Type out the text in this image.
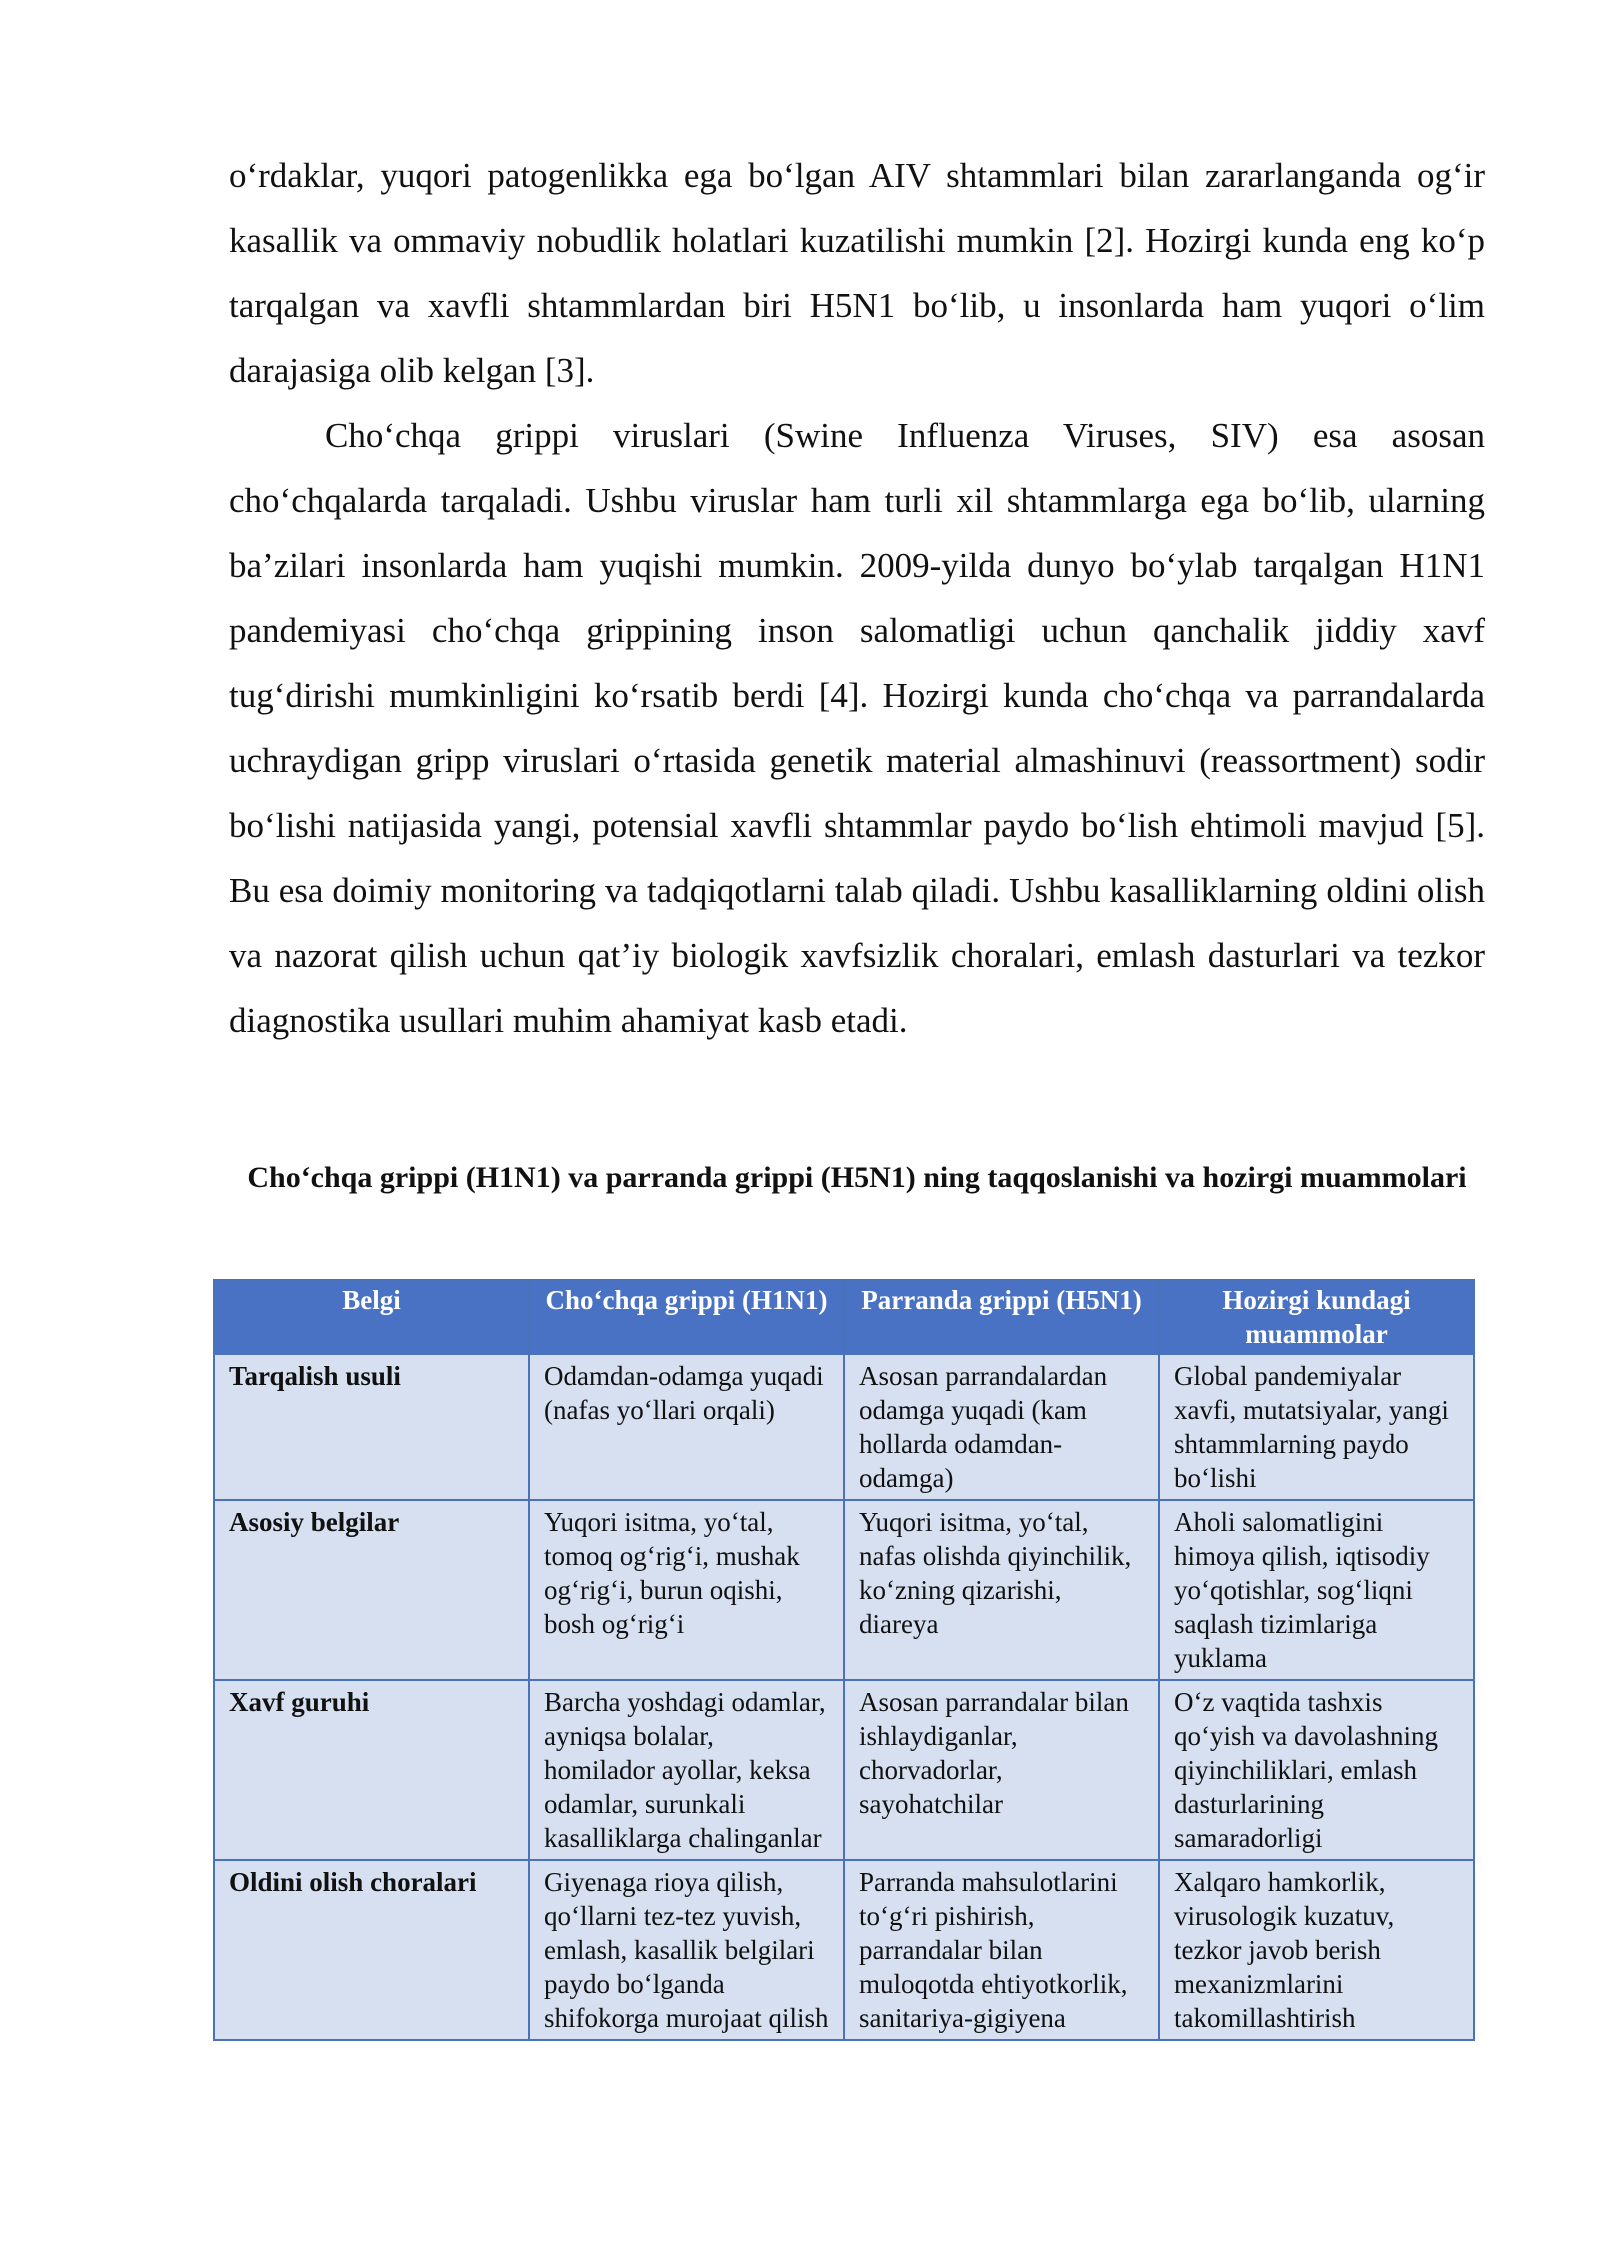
o‘rdaklar, yuqori patogenlikka ega bo‘lgan AIV shtammlari bilan zararlanganda og‘ir kasallik va ommaviy nobudlik holatlari kuzatilishi mumkin [2]. Hozirgi kunda eng ko‘p tarqalgan va xavfli shtammlardan biri H5N1 bo‘lib, u insonlarda ham yuqori o‘lim darajasiga olib kelgan [3].

Cho‘chqa grippi viruslari (Swine Influenza Viruses, SIV) esa asosan cho‘chqalarda tarqaladi. Ushbu viruslar ham turli xil shtammlarga ega bo‘lib, ularning ba’zilari insonlarda ham yuqishi mumkin. 2009-yilda dunyo bo‘ylab tarqalgan H1N1 pandemiyasi cho‘chqa grippining inson salomatligi uchun qanchalik jiddiy xavf tug‘dirishi mumkinligini ko‘rsatib berdi [4]. Hozirgi kunda cho‘chqa va parrandalarda uchraydigan gripp viruslari o‘rtasida genetik material almashinuvi (reassortment) sodir bo‘lishi natijasida yangi, potensial xavfli shtammlar paydo bo‘lish ehtimoli mavjud [5]. Bu esa doimiy monitoring va tadqiqotlarni talab qiladi. Ushbu kasalliklarning oldini olish va nazorat qilish uchun qat’iy biologik xavfsizlik choralari, emlash dasturlari va tezkor diagnostika usullari muhim ahamiyat kasb etadi.

Cho‘chqa grippi (H1N1) va parranda grippi (H5N1) ning taqqoslanishi va hozirgi muammolari

Belgi	Cho‘chqa grippi (H1N1)	Parranda grippi (H5N1)	Hozirgi kundagi muammolar
Tarqalish usuli	Odamdan-odamga yuqadi (nafas yo‘llari orqali)	Asosan parrandalardan odamga yuqadi (kam hollarda odamdan-odamga)	Global pandemiyalar xavfi, mutatsiyalar, yangi shtammlarning paydo bo‘lishi
Asosiy belgilar	Yuqori isitma, yo‘tal, tomoq og‘rig‘i, mushak og‘rig‘i, burun oqishi, bosh og‘rig‘i	Yuqori isitma, yo‘tal, nafas olishda qiyinchilik, ko‘zning qizarishi, diareya	Aholi salomatligini himoya qilish, iqtisodiy yo‘qotishlar, sog‘liqni saqlash tizimlariga yuklama
Xavf guruhi	Barcha yoshdagi odamlar, ayniqsa bolalar, homilador ayollar, keksa odamlar, surunkali kasalliklarga chalinganlar	Asosan parrandalar bilan ishlaydiganlar, chorvadorlar, sayohatchilar	O‘z vaqtida tashxis qo‘yish va davolashning qiyinchiliklari, emlash dasturlarining samaradorligi
Oldini olish choralari	Giyenaga rioya qilish, qo‘llarni tez-tez yuvish, emlash, kasallik belgilari paydo bo‘lganda shifokorga murojaat qilish	Parranda mahsulotlarini to‘g‘ri pishirish, parrandalar bilan muloqotda ehtiyotkorlik, sanitariya-gigiyena	Xalqaro hamkorlik, virusologik kuzatuv, tezkor javob berish mexanizmlarini takomillashtirish
